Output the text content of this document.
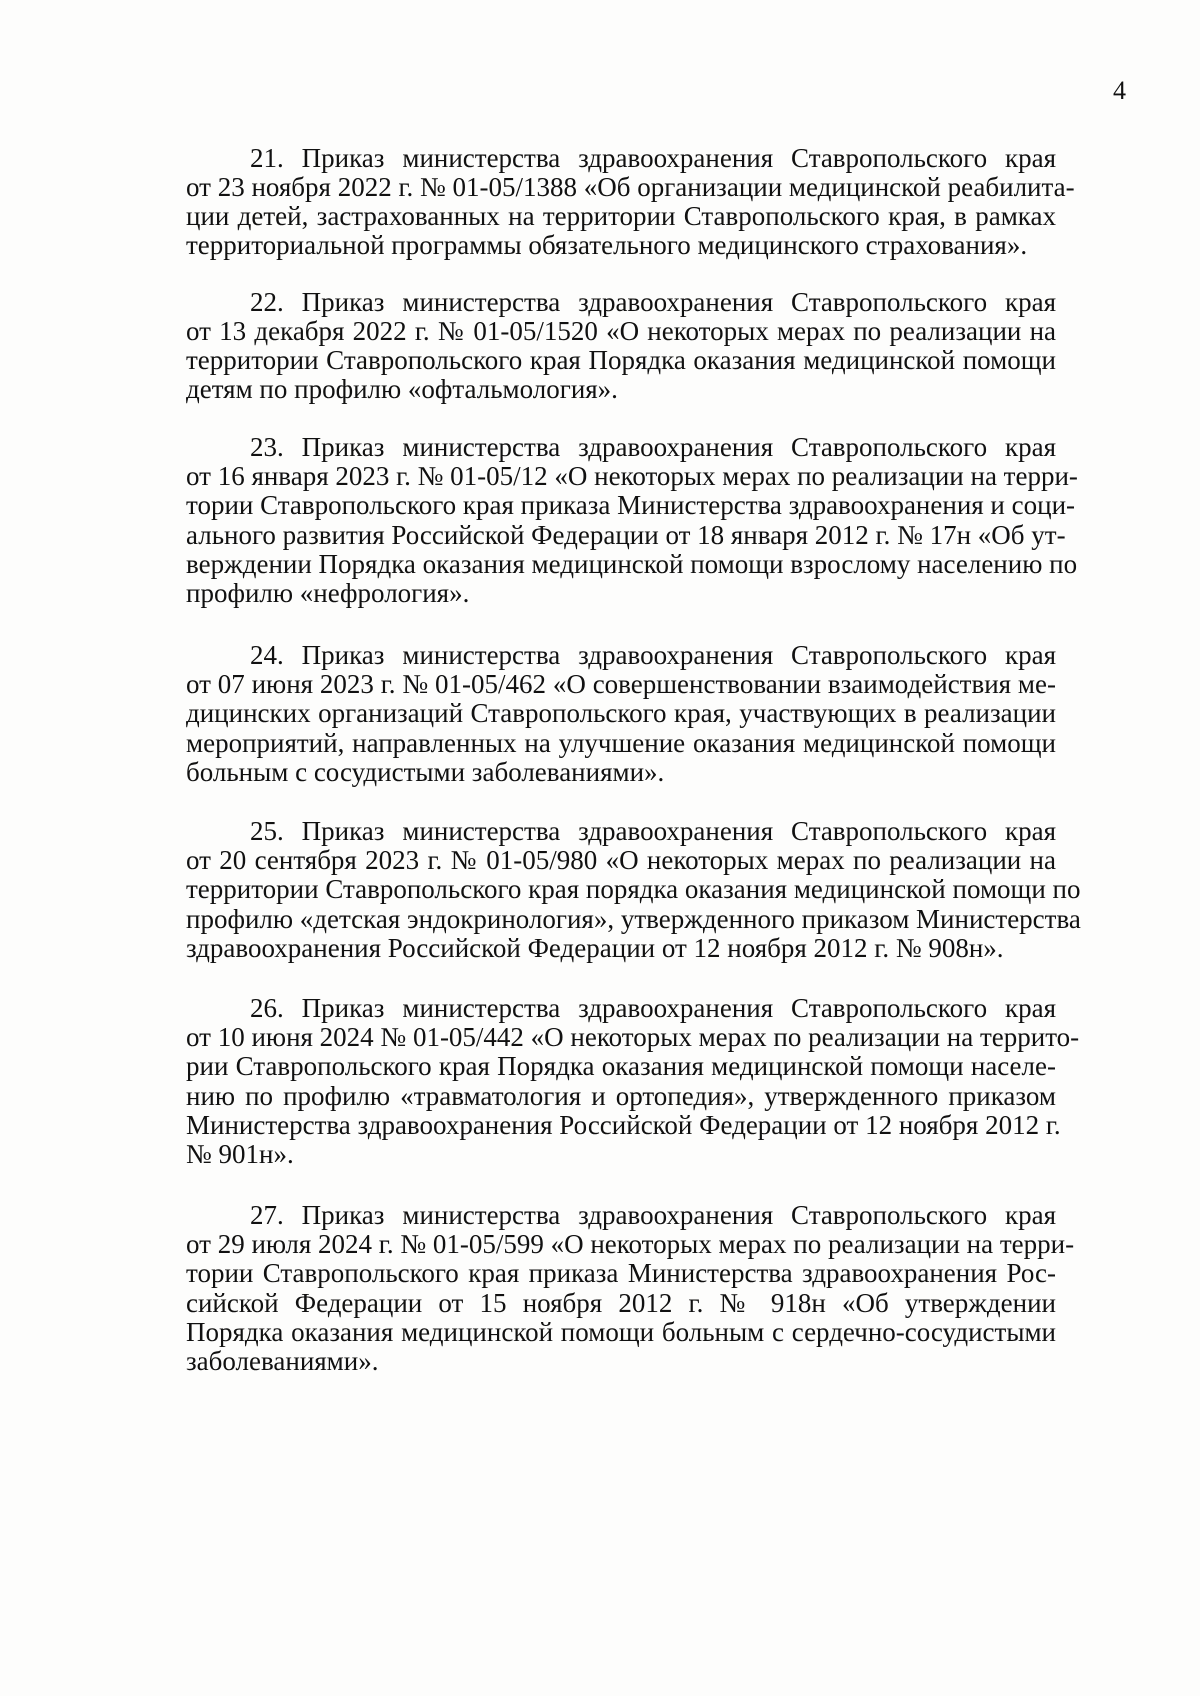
4
21. Приказ министерства здравоохранения Ставропольского края
от 23 ноября 2022 г. № 01-05/1388 «Об организации медицинской реабилита-
ции детей, застрахованных на территории Ставропольского края, в рамках
территориальной программы обязательного медицинского страхования».
22. Приказ министерства здравоохранения Ставропольского края
от 13 декабря 2022 г. № 01-05/1520 «О некоторых мерах по реализации на
территории Ставропольского края Порядка оказания медицинской помощи
детям по профилю «офтальмология».
23. Приказ министерства здравоохранения Ставропольского края
от 16 января 2023 г. № 01-05/12 «О некоторых мерах по реализации на терри-
тории Ставропольского края приказа Министерства здравоохранения и соци-
ального развития Российской Федерации от 18 января 2012 г. № 17н «Об ут-
верждении Порядка оказания медицинской помощи взрослому населению по
профилю «нефрология».
24. Приказ министерства здравоохранения Ставропольского края
от 07 июня 2023 г. № 01-05/462 «О совершенствовании взаимодействия ме-
дицинских организаций Ставропольского края, участвующих в реализации
мероприятий, направленных на улучшение оказания медицинской помощи
больным с сосудистыми заболеваниями».
25. Приказ министерства здравоохранения Ставропольского края
от 20 сентября 2023 г. № 01-05/980 «О некоторых мерах по реализации на
территории Ставропольского края порядка оказания медицинской помощи по
профилю «детская эндокринология», утвержденного приказом Министерства
здравоохранения Российской Федерации от 12 ноября 2012 г. № 908н».
26. Приказ министерства здравоохранения Ставропольского края
от 10 июня 2024 № 01-05/442 «О некоторых мерах по реализации на террито-
рии Ставропольского края Порядка оказания медицинской помощи населе-
нию по профилю «травматология и ортопедия», утвержденного приказом
Министерства здравоохранения Российской Федерации от 12 ноября 2012 г.
№ 901н».
27. Приказ министерства здравоохранения Ставропольского края
от 29 июля 2024 г. № 01-05/599 «О некоторых мерах по реализации на терри-
тории Ставропольского края приказа Министерства здравоохранения Рос-
сийской Федерации от 15 ноября 2012 г. № 918н «Об утверждении
Порядка оказания медицинской помощи больным с сердечно-сосудистыми
заболеваниями».
